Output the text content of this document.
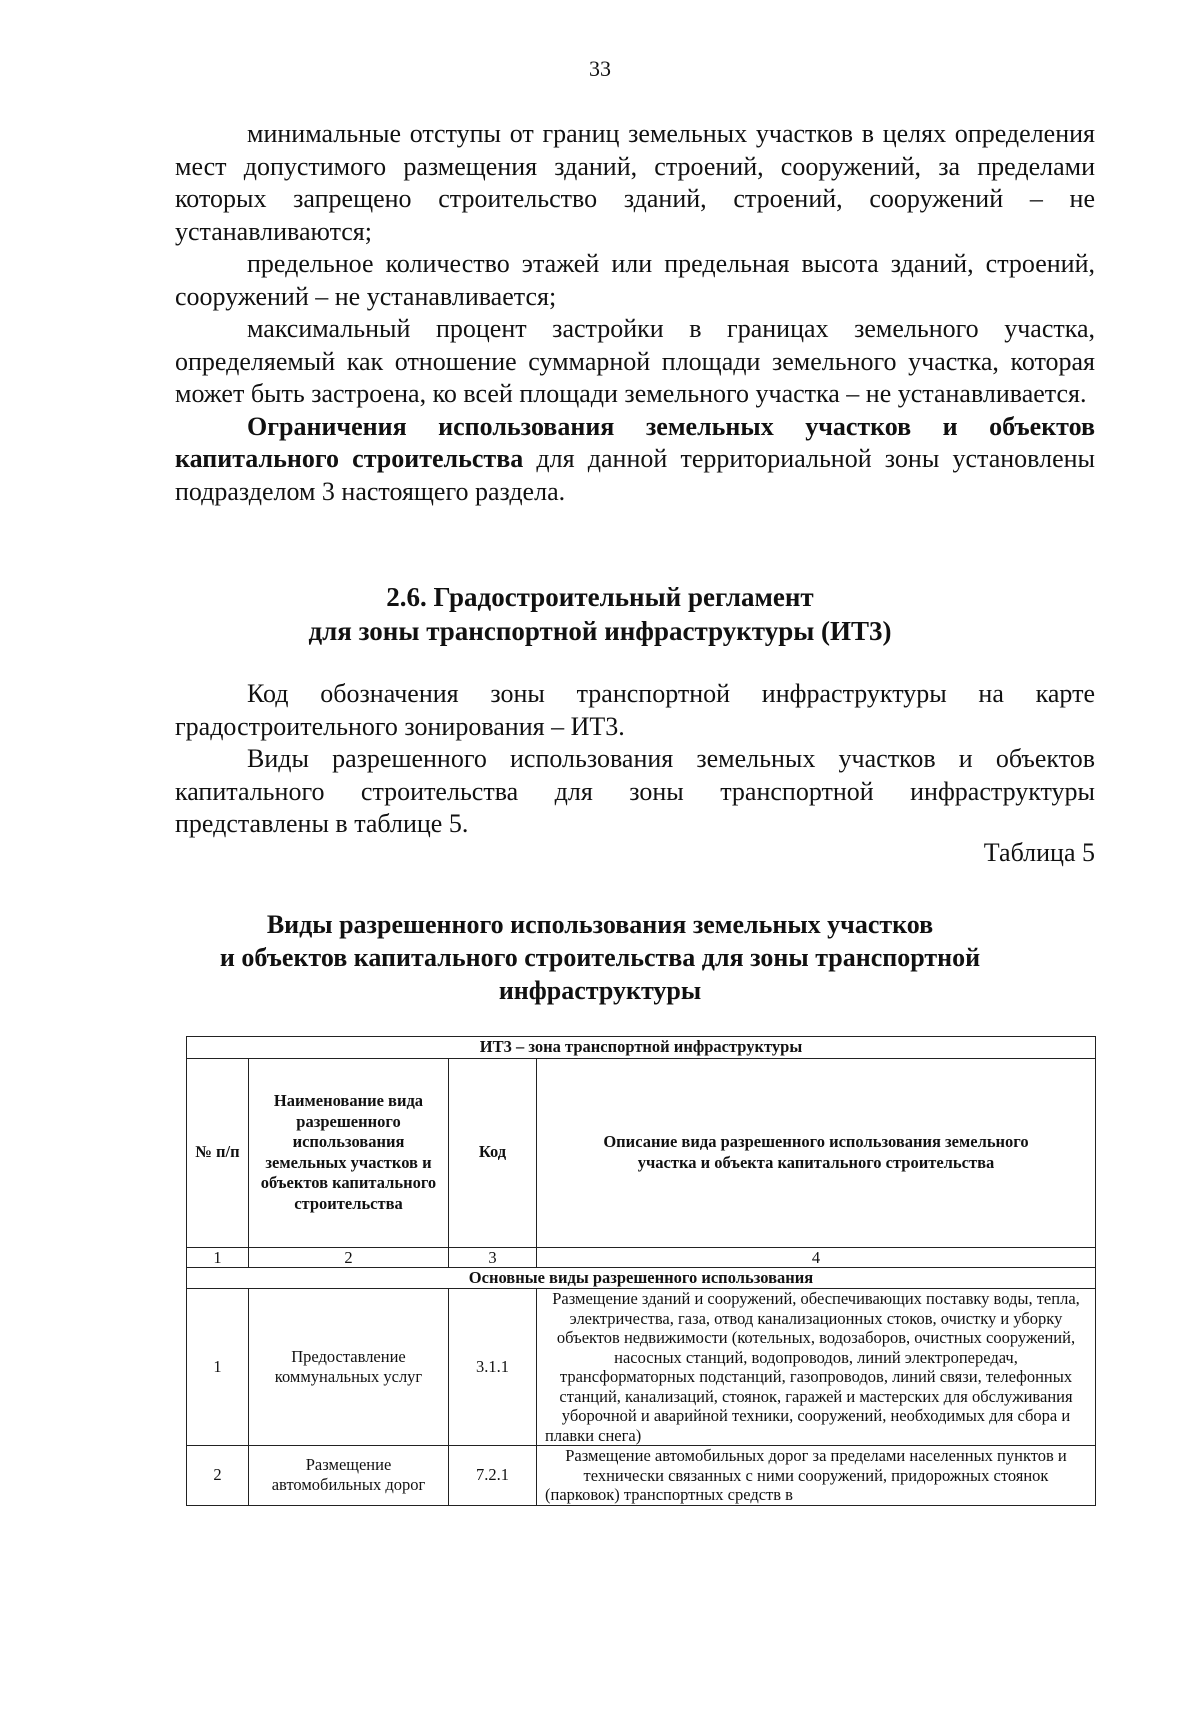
33

минимальные отступы от границ земельных участков в целях определения мест допустимого размещения зданий, строений, сооружений, за пределами которых запрещено строительство зданий, строений, сооружений – не устанавливаются;

предельное количество этажей или предельная высота зданий, строений, сооружений – не устанавливается;

максимальный процент застройки в границах земельного участка, определяемый как отношение суммарной площади земельного участка, которая может быть застроена, ко всей площади земельного участка – не устанавливается.

Ограничения использования земельных участков и объектов капитального строительства для данной территориальной зоны установлены подразделом 3 настоящего раздела.

2.6. Градостроительный регламент
для зоны транспортной инфраструктуры (ИТ3)

Код обозначения зоны транспортной инфраструктуры на карте градостроительного зонирования – ИТ3.

Виды разрешенного использования земельных участков и объектов капитального строительства для зоны транспортной инфраструктуры представлены в таблице 5.

Таблица 5
Виды разрешенного использования земельных участков
и объектов капитального строительства для зоны транспортной
инфраструктуры
ИТ3 – зона транспортной инфраструктуры			
№ п/п	Наименование вида разрешенного использования земельных участков и объектов капитального строительства	Код	Описание вида разрешенного использования земельного участка и объекта капитального строительства
1	2	3	4
Основные виды разрешенного использования			
1	Предоставление коммунальных услуг	3.1.1	Размещение зданий и сооружений, обеспечивающих поставку воды, тепла, электричества, газа, отвод канализационных стоков, очистку и уборку объектов недвижимости (котельных, водозаборов, очистных сооружений, насосных станций, водопроводов, линий электропередач, трансформаторных подстанций, газопроводов, линий связи, телефонных станций, канализаций, стоянок, гаражей и мастерских для обслуживания уборочной и аварийной техники, сооружений, необходимых для сбора и плавки снега)
2	Размещение автомобильных дорог	7.2.1	Размещение автомобильных дорог за пределами населенных пунктов и технически связанных с ними сооружений, придорожных стоянок (парковок) транспортных средств в
